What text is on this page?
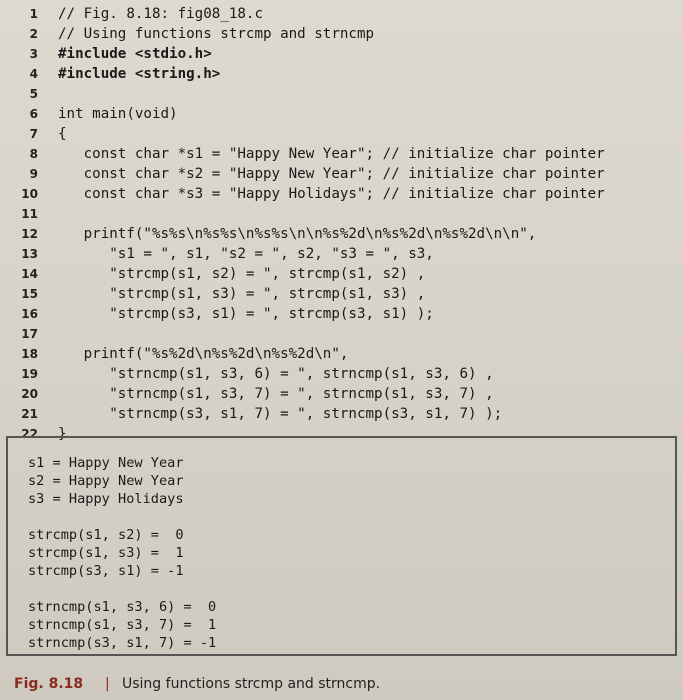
1 // Fig. 8.18: fig08_18.c
2 // Using functions strcmp and strncmp
3 #include <stdio.h>
4 #include <string.h>
5
6 int main(void)
7 {
8 const char *s1 = "Happy New Year"; // initialize char pointer
9 const char *s2 = "Happy New Year"; // initialize char pointer
10 const char *s3 = "Happy Holidays"; // initialize char pointer
11
12 printf("%s%s\n%s%s\n%s%s\n\n%s%2d\n%s%2d\n%s%2d\n\n",
13 "s1 = ", s1, "s2 = ", s2, "s3 = ", s3,
14 "strcmp(s1, s2) = ", strcmp(s1, s2) ,
15 "strcmp(s1, s3) = ", strcmp(s1, s3) ,
16 "strcmp(s3, s1) = ", strcmp(s3, s1) );
17
18 printf("%s%2d\n%s%2d\n%s%2d\n",
19 "strncmp(s1, s3, 6) = ", strncmp(s1, s3, 6) ,
20 "strncmp(s1, s3, 7) = ", strncmp(s1, s3, 7) ,
21 "strncmp(s3, s1, 7) = ", strncmp(s3, s1, 7) );
22 }
s1 = Happy New Year
s2 = Happy New Year
s3 = Happy Holidays
strcmp(s1, s2) =  0
strcmp(s1, s3) =  1
strcmp(s3, s1) = -1
strncmp(s1, s3, 6) =  0
strncmp(s1, s3, 7) =  1
strncmp(s3, s1, 7) = -1
Fig. 8.18 | Using functions strcmp and strncmp.
